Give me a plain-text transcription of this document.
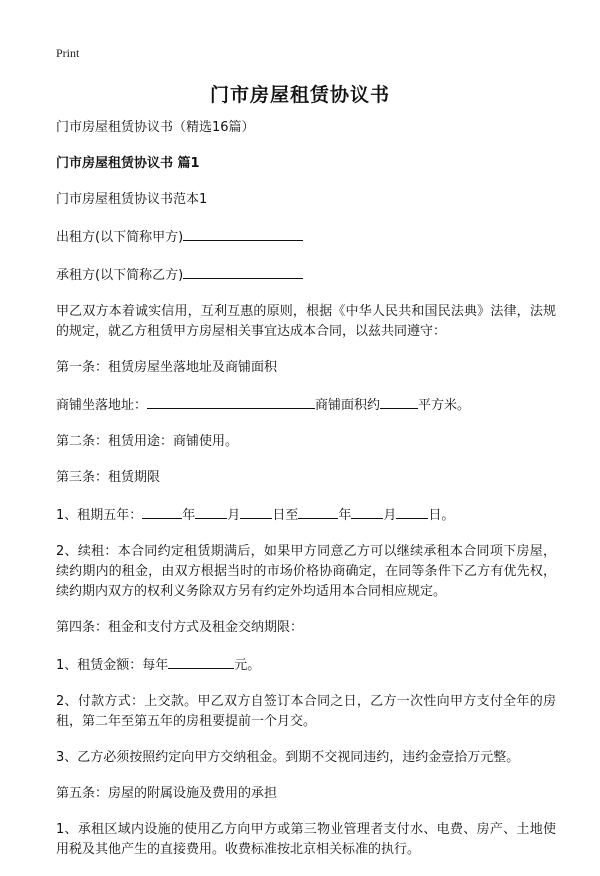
Print
门市房屋租赁协议书

门市房屋租赁协议书（精选16篇）

门市房屋租赁协议书 篇1

门市房屋租赁协议书范本1

出租方(以下简称甲方)

承租方(以下简称乙方)

甲乙双方本着诚实信用，互利互惠的原则，根据《中华人民共和国民法典》法律，法规的规定，就乙方租赁甲方房屋相关事宜达成本合同，以兹共同遵守：

第一条：租赁房屋坐落地址及商铺面积

商铺坐落地址：	商铺面积约	平方米。

第二条：租赁用途：商铺使用。

第三条：租赁期限

1、租期五年：	年 月 日至	年 月 日。

2、续租：本合同约定租赁期满后，如果甲方同意乙方可以继续承租本合同项下房屋，续约期内的租金，由双方根据当时的市场价格协商确定，在同等条件下乙方有优先权，续约期内双方的权利义务除双方另有约定外均适用本合同相应规定。

第四条：租金和支付方式及租金交纳期限：

1、租赁金额：每年	元。

2、付款方式：上交款。甲乙双方自签订本合同之日，乙方一次性向甲方支付全年的房租，第二年至第五年的房租要提前一个月交。

3、乙方必须按照约定向甲方交纳租金。到期不交视同违约，违约金壹拾万元整。

第五条：房屋的附属设施及费用的承担

1、承租区域内设施的使用乙方向甲方或第三物业管理者支付水、电费、房产、土地使用税及其他产生的直接费用。收费标准按北京相关标准的执行。
